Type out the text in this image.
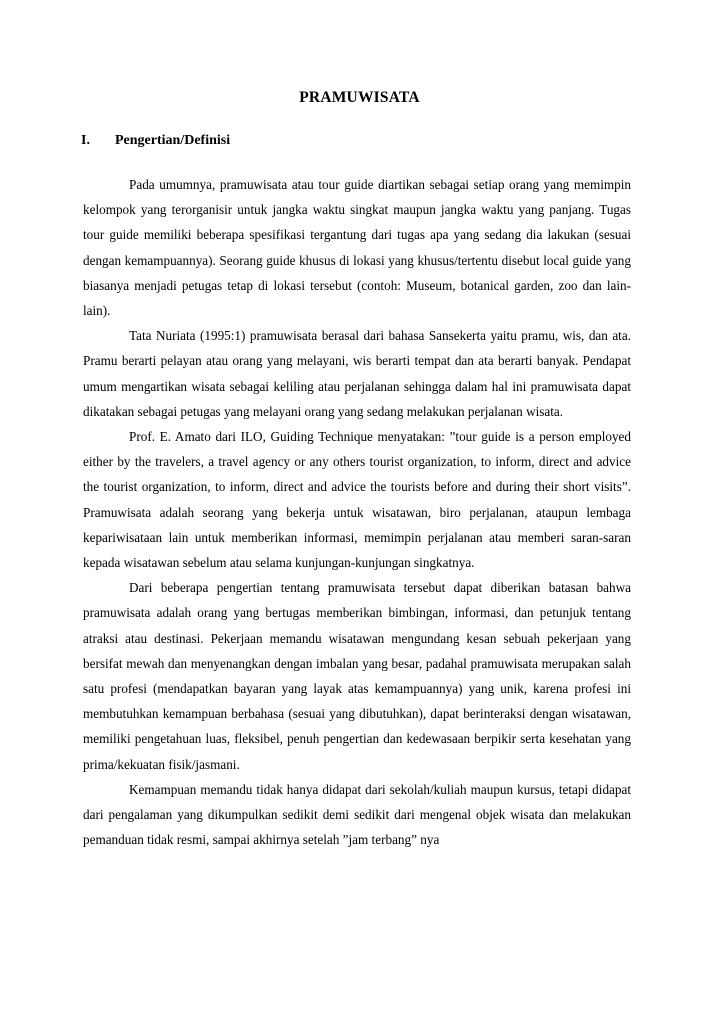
PRAMUWISATA
I. Pengertian/Definisi

Pada umumnya, pramuwisata atau tour guide diartikan sebagai setiap orang yang memimpin kelompok yang terorganisir untuk jangka waktu singkat maupun jangka waktu yang panjang. Tugas tour guide memiliki beberapa spesifikasi tergantung dari tugas apa yang sedang dia lakukan (sesuai dengan kemampuannya). Seorang guide khusus di lokasi yang khusus/tertentu disebut local guide yang biasanya menjadi petugas tetap di lokasi tersebut (contoh: Museum, botanical garden, zoo dan lain-lain).

Tata Nuriata (1995:1) pramuwisata berasal dari bahasa Sansekerta yaitu pramu, wis, dan ata. Pramu berarti pelayan atau orang yang melayani, wis berarti tempat dan ata berarti banyak. Pendapat umum mengartikan wisata sebagai keliling atau perjalanan sehingga dalam hal ini pramuwisata dapat dikatakan sebagai petugas yang melayani orang yang sedang melakukan perjalanan wisata.

Prof. E. Amato dari ILO, Guiding Technique menyatakan: ”tour guide is a person employed either by the travelers, a travel agency or any others tourist organization, to inform, direct and advice the tourist organization, to inform, direct and advice the tourists before and during their short visits”. Pramuwisata adalah seorang yang bekerja untuk wisatawan, biro perjalanan, ataupun lembaga kepariwisataan lain untuk memberikan informasi, memimpin perjalanan atau memberi saran-saran kepada wisatawan sebelum atau selama kunjungan-kunjungan singkatnya.

Dari beberapa pengertian tentang pramuwisata tersebut dapat diberikan batasan bahwa pramuwisata adalah orang yang bertugas memberikan bimbingan, informasi, dan petunjuk tentang atraksi atau destinasi. Pekerjaan memandu wisatawan mengundang kesan sebuah pekerjaan yang bersifat mewah dan menyenangkan dengan imbalan yang besar, padahal pramuwisata merupakan salah satu profesi (mendapatkan bayaran yang layak atas kemampuannya) yang unik, karena profesi ini membutuhkan kemampuan berbahasa (sesuai yang dibutuhkan), dapat berinteraksi dengan wisatawan, memiliki pengetahuan luas, fleksibel, penuh pengertian dan kedewasaan berpikir serta kesehatan yang prima/kekuatan fisik/jasmani.

Kemampuan memandu tidak hanya didapat dari sekolah/kuliah maupun kursus, tetapi didapat dari pengalaman yang dikumpulkan sedikit demi sedikit dari mengenal objek wisata dan melakukan pemanduan tidak resmi, sampai akhirnya setelah ”jam terbang” nya
